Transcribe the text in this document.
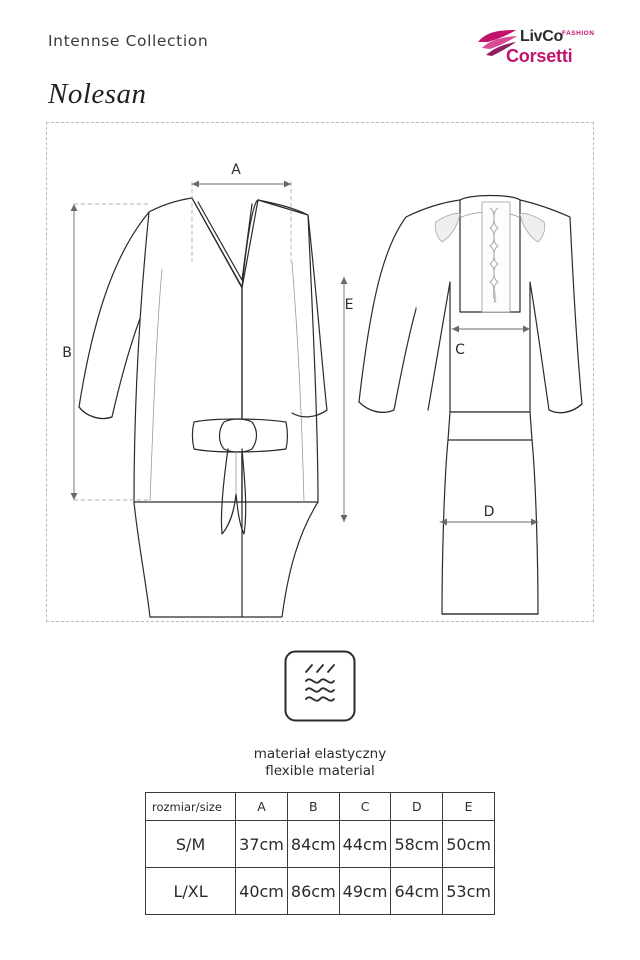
Intennse Collection
Nolesan
LivCo FASHION
Corsetti
A
B
E
C
D
materiał elastyczny
flexible material
rozmiar/size	A	B	C	D	E
S/M	37cm	84cm	44cm	58cm	50cm
L/XL	40cm	86cm	49cm	64cm	53cm
